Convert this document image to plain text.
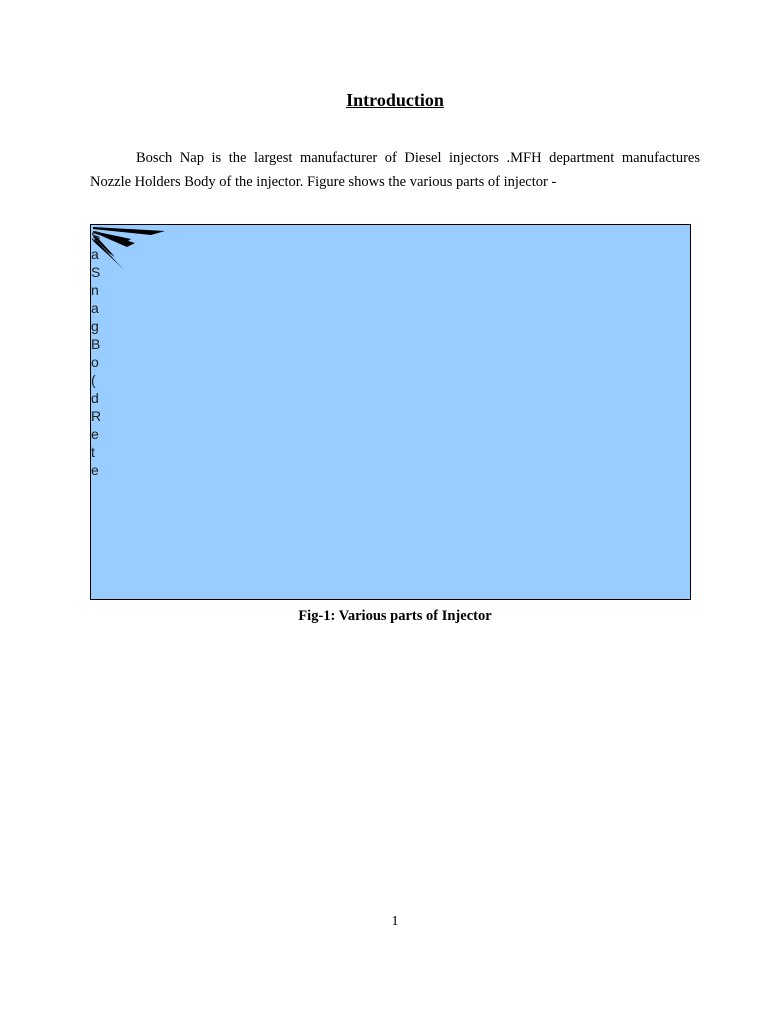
Introduction
Bosch Nap is the largest manufacturer of Diesel injectors .MFH department manufactures Nozzle Holders Body of the injector. Figure shows the various parts of injector -
S
a
S
n
a
g
B
o
(
d
R
e
t
e
Fig-1: Various parts of Injector
1
